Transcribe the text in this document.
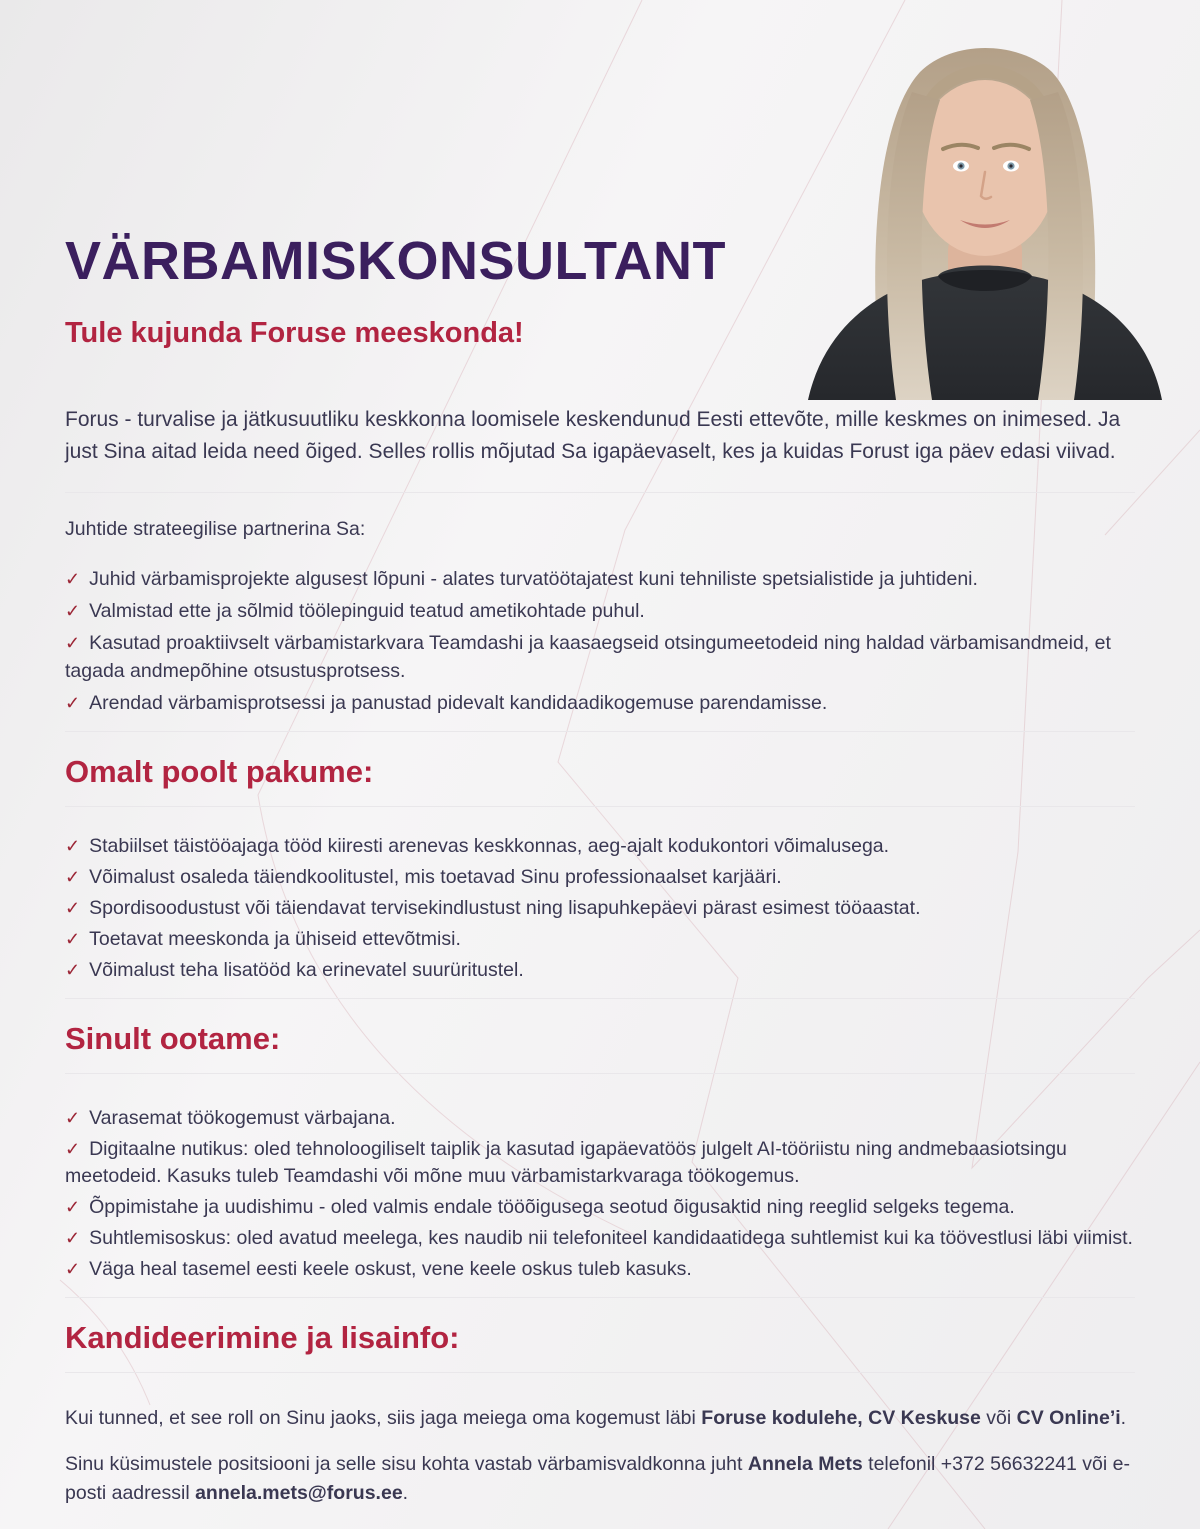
VÄRBAMISKONSULTANT
Tule kujunda Foruse meeskonda!

Forus - turvalise ja jätkusuutliku keskkonna loomisele keskendunud Eesti ettevõte, mille keskmes on inimesed. Ja just Sina aitad leida need õiged. Selles rollis mõjutad Sa igapäevaselt, kes ja kuidas Forust iga päev edasi viivad.

Juhtide strateegilise partnerina Sa:

✓ Juhid värbamisprojekte algusest lõpuni - alates turvatöötajatest kuni tehniliste spetsialistide ja juhtideni.

✓ Valmistad ette ja sõlmid töölepinguid teatud ametikohtade puhul.

✓ Kasutad proaktiivselt värbamistarkvara Teamdashi ja kaasaegseid otsingumeetodeid ning haldad värbamisandmeid, et tagada andmepõhine otsustusprotsess.

✓ Arendad värbamisprotsessi ja panustad pidevalt kandidaadikogemuse parendamisse.

Omalt poolt pakume:

✓ Stabiilset täistööajaga tööd kiiresti arenevas keskkonnas, aeg-ajalt kodukontori võimalusega.

✓ Võimalust osaleda täiendkoolitustel, mis toetavad Sinu professionaalset karjääri.

✓ Spordisoodustust või täiendavat tervisekindlustust ning lisapuhkepäevi pärast esimest tööaastat.

✓ Toetavat meeskonda ja ühiseid ettevõtmisi.

✓ Võimalust teha lisatööd ka erinevatel suurüritustel.

Sinult ootame:

✓ Varasemat töökogemust värbajana.

✓ Digitaalne nutikus: oled tehnoloogiliselt taiplik ja kasutad igapäevatöös julgelt AI-tööriistu ning andmebaasiotsingu meetodeid. Kasuks tuleb Teamdashi või mõne muu värbamistarkvaraga töökogemus.

✓ Õppimistahe ja uudishimu - oled valmis endale tööõigusega seotud õigusaktid ning reeglid selgeks tegema.

✓ Suhtlemisoskus: oled avatud meelega, kes naudib nii telefoniteel kandidaatidega suhtlemist kui ka töövestlusi läbi viimist.

✓ Väga heal tasemel eesti keele oskust, vene keele oskus tuleb kasuks.

Kandideerimine ja lisainfo:

Kui tunned, et see roll on Sinu jaoks, siis jaga meiega oma kogemust läbi Foruse kodulehe, CV Keskuse või CV Online’i.

Sinu küsimustele positsiooni ja selle sisu kohta vastab värbamisvaldkonna juht Annela Mets telefonil +372 56632241 või e-posti aadressil annela.mets@forus.ee.
